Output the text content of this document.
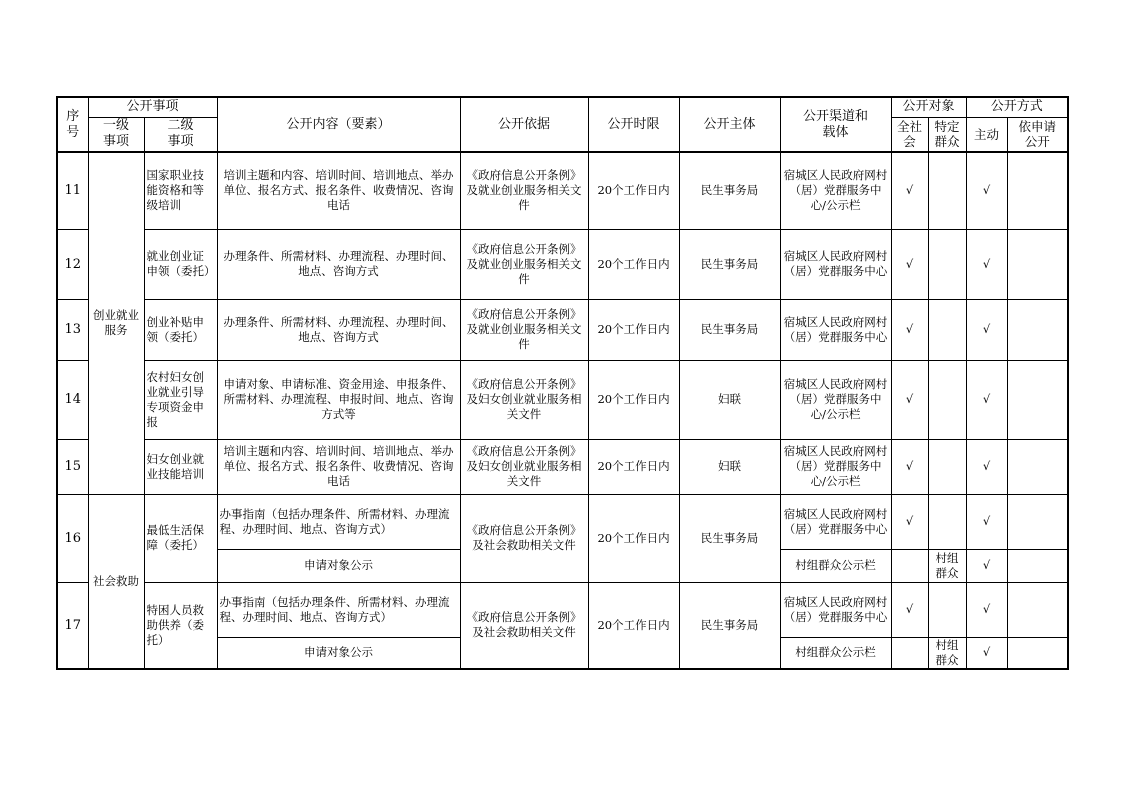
序号	公开事项		公开内容（要素）	公开依据	公开时限	公开主体	公开渠道和载体	公开对象		公开方式	
	一级事项	二级事项						全社会	特定群众	主动	依申请公开
11	创业就业服务	国家职业技能资格和等级培训	培训主题和内容、培训时间、培训地点、举办单位、报名方式、报名条件、收费情况、咨询电话	《政府信息公开条例》及就业创业服务相关文件	20个工作日内	民生事务局	宿城区人民政府网村（居）党群服务中心/公示栏	√		√	
12		就业创业证申领（委托）	办理条件、所需材料、办理流程、办理时间、地点、咨询方式	《政府信息公开条例》及就业创业服务相关文件	20个工作日内	民生事务局	宿城区人民政府网村（居）党群服务中心	√		√	
13		创业补贴申领（委托）	办理条件、所需材料、办理流程、办理时间、地点、咨询方式	《政府信息公开条例》及就业创业服务相关文件	20个工作日内	民生事务局	宿城区人民政府网村（居）党群服务中心	√		√	
14		农村妇女创业就业引导专项资金申报	申请对象、申请标准、资金用途、申报条件、所需材料、办理流程、申报时间、地点、咨询方式等	《政府信息公开条例》及妇女创业就业服务相关文件	20个工作日内	妇联	宿城区人民政府网村（居）党群服务中心/公示栏	√		√	
15		妇女创业就业技能培训	培训主题和内容、培训时间、培训地点、举办单位、报名方式、报名条件、收费情况、咨询电话	《政府信息公开条例》及妇女创业就业服务相关文件	20个工作日内	妇联	宿城区人民政府网村（居）党群服务中心/公示栏	√		√	
16	社会救助	最低生活保障（委托）	办事指南（包括办理条件、所需材料、办理流程、办理时间、地点、咨询方式）	《政府信息公开条例》及社会救助相关文件	20个工作日内	民生事务局	宿城区人民政府网村（居）党群服务中心	√		√	
			申请对象公示				村组群众公示栏		村组群众	√	
17		特困人员救助供养（委托）	办事指南（包括办理条件、所需材料、办理流程、办理时间、地点、咨询方式）	《政府信息公开条例》及社会救助相关文件	20个工作日内	民生事务局	宿城区人民政府网村（居）党群服务中心	√		√	
			申请对象公示				村组群众公示栏		村组群众	√	
